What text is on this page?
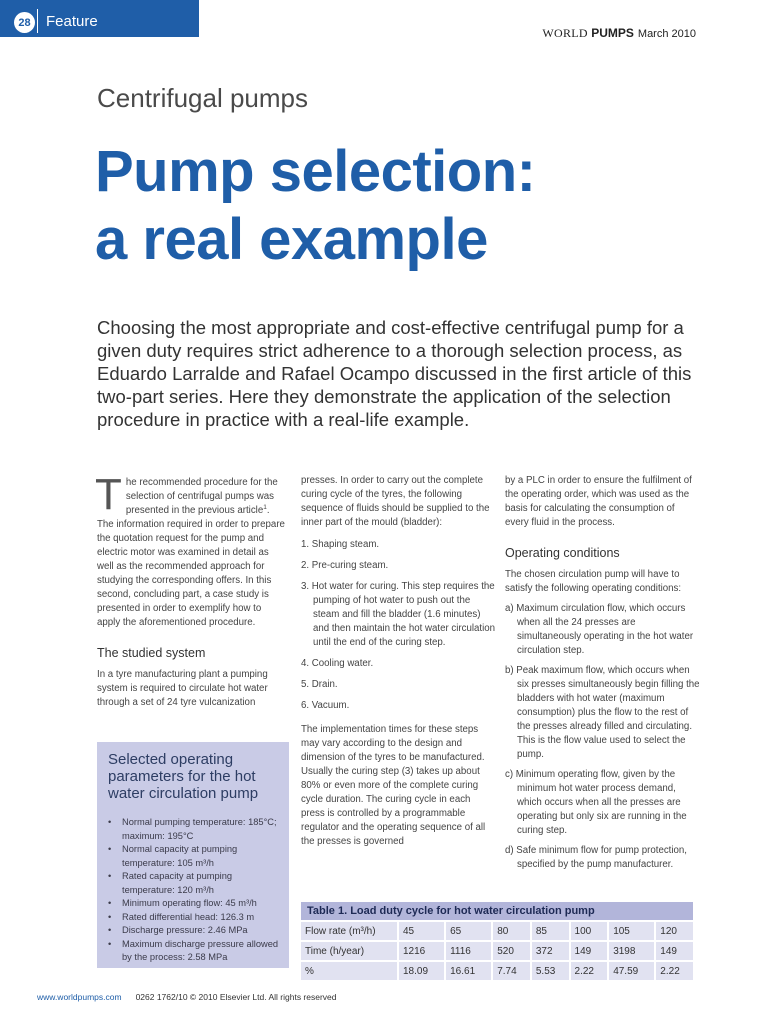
28 Feature
WORLD PUMPS March 2010
Centrifugal pumps
Pump selection:
a real example
Choosing the most appropriate and cost-effective centrifugal pump for a given duty requires strict adherence to a thorough selection process, as Eduardo Larralde and Rafael Ocampo discussed in the first article of this two-part series. Here they demonstrate the application of the selection procedure in practice with a real-life example.

The recommended procedure for the selection of centrifugal pumps was presented in the previous article$^1$. The information required in order to prepare the quotation request for the pump and electric motor was examined in detail as well as the recommended approach for studying the corresponding offers. In this second, concluding part, a case study is presented in order to exemplify how to apply the aforementioned procedure.

The studied system

In a tyre manufacturing plant a pumping system is required to circulate hot water through a set of 24 tyre vulcanization

Selected operating parameters for the hot water circulation pump
• Normal pumping temperature: 185°C; maximum: 195°C
• Normal capacity at pumping temperature: 105 m³/h
• Rated capacity at pumping temperature: 120 m³/h
• Minimum operating flow: 45 m³/h
• Rated differential head: 126.3 m
• Discharge pressure: 2.46 MPa
• Maximum discharge pressure allowed by the process: 2.58 MPa

presses. In order to carry out the complete curing cycle of the tyres, the following sequence of fluids should be supplied to the inner part of the mould (bladder):

1. Shaping steam.
2. Pre-curing steam.
3. Hot water for curing. This step requires the pumping of hot water to push out the steam and fill the bladder (1.6 minutes) and then maintain the hot water circulation until the end of the curing step.
4. Cooling water.
5. Drain.
6. Vacuum.

The implementation times for these steps may vary according to the design and dimension of the tyres to be manufactured. Usually the curing step (3) takes up about 80% or even more of the complete curing cycle duration. The curing cycle in each press is controlled by a programmable regulator and the operating sequence of all the presses is governed

by a PLC in order to ensure the fulfilment of the operating order, which was used as the basis for calculating the consumption of every fluid in the process.

Operating conditions

The chosen circulation pump will have to satisfy the following operating conditions:

a) Maximum circulation flow, which occurs when all the 24 presses are simultaneously operating in the hot water circulation step.
b) Peak maximum flow, which occurs when six presses simultaneously begin filling the bladders with hot water (maximum consumption) plus the flow to the rest of the presses already filled and circulating. This is the flow value used to select the pump.
c) Minimum operating flow, given by the minimum hot water process demand, which occurs when all the presses are operating but only six are running in the curing step.
d) Safe minimum flow for pump protection, specified by the pump manufacturer.
Table 1. Load duty cycle for hot water circulation pump
Flow rate (m³/h)	45	65	80	85	100	105	120
Time (h/year)	1216	1116	520	372	149	3198	149
%	18.09	16.61	7.74	5.53	2.22	47.59	2.22
www.worldpumps.com 0262 1762/10 © 2010 Elsevier Ltd. All rights reserved
